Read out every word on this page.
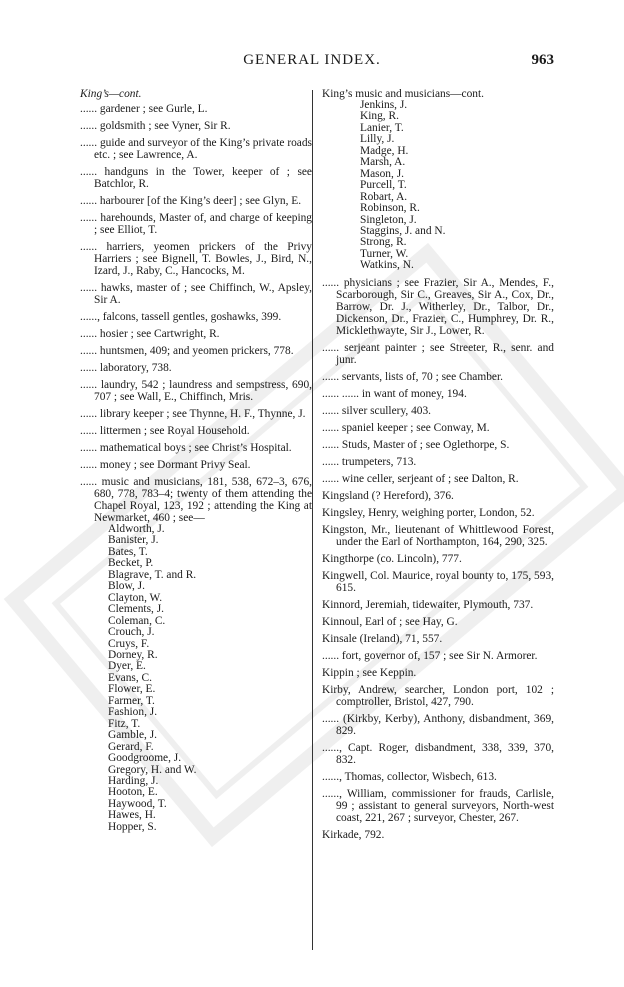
GENERAL INDEX.	963

King’s—cont.

...... gardener ; see Gurle, L.

...... goldsmith ; see Vyner, Sir R.

...... guide and surveyor of the King’s private roads etc. ; see Lawrence, A.

...... handguns in the Tower, keeper of ; see Batchlor, R.

...... harbourer [of the King’s deer] ; see Glyn, E.

...... harehounds, Master of, and charge of keeping ; see Elliot, T.

...... harriers, yeomen prickers of the Privy Harriers ; see Bignell, T. Bowles, J., Bird, N., Izard, J., Raby, C., Hancocks, M.

...... hawks, master of ; see Chiffinch, W., Apsley, Sir A.

......, falcons, tassell gentles, goshawks, 399.

...... hosier ; see Cartwright, R.

...... huntsmen, 409; and yeomen prickers, 778.

...... laboratory, 738.

...... laundry, 542 ; laundress and sempstress, 690, 707 ; see Wall, E., Chiffinch, Mris.

...... library keeper ; see Thynne, H. F., Thynne, J.

...... littermen ; see Royal Household.

...... mathematical boys ; see Christ’s Hospital.

...... money ; see Dormant Privy Seal.

...... music and musicians, 181, 538, 672–3, 676, 680, 778, 783–4; twenty of them attending the Chapel Royal, 123, 192 ; attending the King at Newmarket, 460 ; see—

Aldworth, J.

Banister, J.

Bates, T.

Becket, P.

Blagrave, T. and R.

Blow, J.

Clayton, W.

Clements, J.

Coleman, C.

Crouch, J.

Cruys, F.

Dorney, R.

Dyer, E.

Evans, C.

Flower, E.

Farmer, T.

Fashion, J.

Fitz, T.

Gamble, J.

Gerard, F.

Goodgroome, J.

Gregory, H. and W.

Harding, J.

Hooton, E.

Haywood, T.

Hawes, H.

Hopper, S.

King’s music and musicians—cont.

Jenkins, J.

King, R.

Lanier, T.

Lilly, J.

Madge, H.

Marsh, A.

Mason, J.

Purcell, T.

Robart, A.

Robinson, R.

Singleton, J.

Staggins, J. and N.

Strong, R.

Turner, W.

Watkins, N.

...... physicians ; see Frazier, Sir A., Mendes, F., Scarborough, Sir C., Greaves, Sir A., Cox, Dr., Barrow, Dr. J., Witherley, Dr., Talbor, Dr., Dickenson, Dr., Frazier, C., Humphrey, Dr. R., Micklethwayte, Sir J., Lower, R.

...... serjeant painter ; see Streeter, R., senr. and junr.

...... servants, lists of, 70 ; see Chamber.

...... ...... in want of money, 194.

...... silver scullery, 403.

...... spaniel keeper ; see Conway, M.

...... Studs, Master of ; see Oglethorpe, S.

...... trumpeters, 713.

...... wine celler, serjeant of ; see Dalton, R.

Kingsland (? Hereford), 376.

Kingsley, Henry, weighing porter, London, 52.

Kingston, Mr., lieutenant of Whittlewood Forest, under the Earl of Northampton, 164, 290, 325.

Kingthorpe (co. Lincoln), 777.

Kingwell, Col. Maurice, royal bounty to, 175, 593, 615.

Kinnord, Jeremiah, tidewaiter, Plymouth, 737.

Kinnoul, Earl of ; see Hay, G.

Kinsale (Ireland), 71, 557.

...... fort, governor of, 157 ; see Sir N. Armorer.

Kippin ; see Keppin.

Kirby, Andrew, searcher, London port, 102 ; comptroller, Bristol, 427, 790.

...... (Kirkby, Kerby), Anthony, disbandment, 369, 829.

......, Capt. Roger, disbandment, 338, 339, 370, 832.

......, Thomas, collector, Wisbech, 613.

......, William, commissioner for frauds, Carlisle, 99 ; assistant to general surveyors, North-west coast, 221, 267 ; surveyor, Chester, 267.

Kirkade, 792.
